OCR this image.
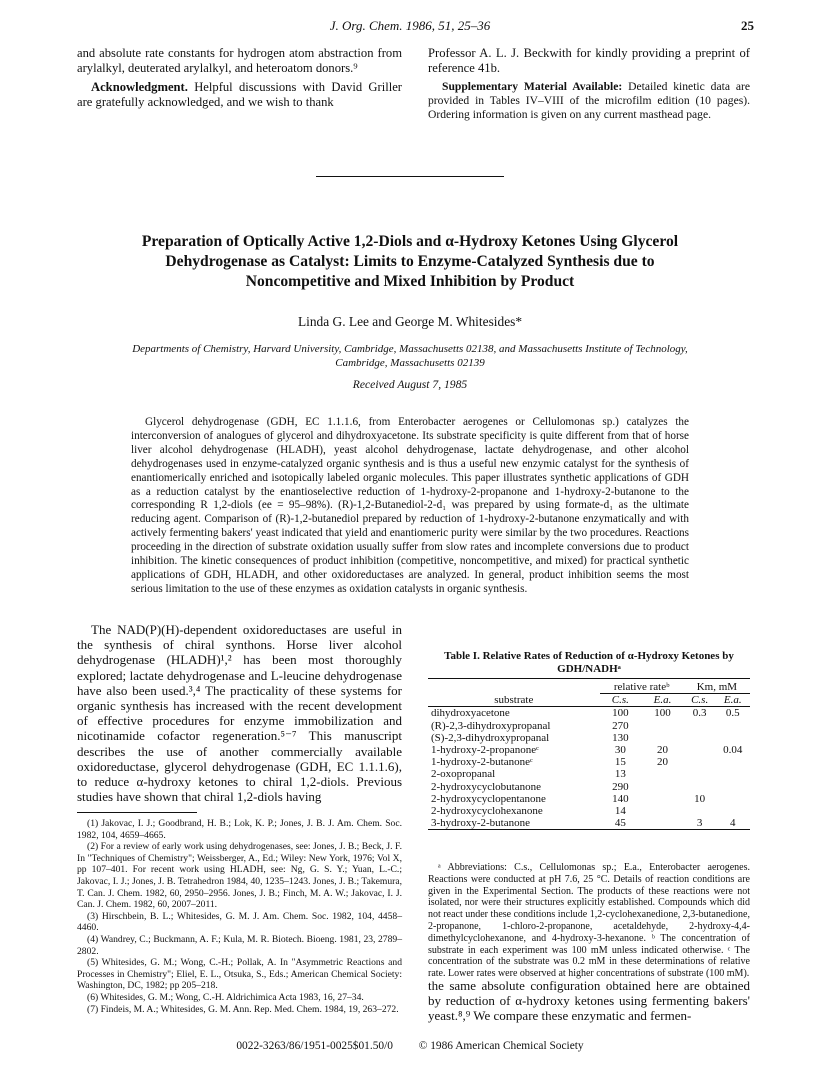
J. Org. Chem. 1986, 51, 25–36	25

and absolute rate constants for hydrogen atom abstraction from arylalkyl, deuterated arylalkyl, and heteroatom donors.⁹

Acknowledgment. Helpful discussions with David Griller are gratefully acknowledged, and we wish to thank

Professor A. L. J. Beckwith for kindly providing a preprint of reference 41b.

Supplementary Material Available: Detailed kinetic data are provided in Tables IV–VIII of the microfilm edition (10 pages). Ordering information is given on any current masthead page.

Preparation of Optically Active 1,2-Diols and α-Hydroxy Ketones Using Glycerol Dehydrogenase as Catalyst: Limits to Enzyme-Catalyzed Synthesis due to Noncompetitive and Mixed Inhibition by Product
Linda G. Lee and George M. Whitesides*
Departments of Chemistry, Harvard University, Cambridge, Massachusetts 02138, and Massachusetts Institute of Technology, Cambridge, Massachusetts 02139
Received August 7, 1985

Glycerol dehydrogenase (GDH, EC 1.1.1.6, from Enterobacter aerogenes or Cellulomonas sp.) catalyzes the interconversion of analogues of glycerol and dihydroxyacetone. Its substrate specificity is quite different from that of horse liver alcohol dehydrogenase (HLADH), yeast alcohol dehydrogenase, lactate dehydrogenase, and other alcohol dehydrogenases used in enzyme-catalyzed organic synthesis and is thus a useful new enzymic catalyst for the synthesis of enantiomerically enriched and isotopically labeled organic molecules. This paper illustrates synthetic applications of GDH as a reduction catalyst by the enantioselective reduction of 1-hydroxy-2-propanone and 1-hydroxy-2-butanone to the corresponding R 1,2-diols (ee = 95–98%). (R)-1,2-Butanediol-2-d₁ was prepared by using formate-d₁ as the ultimate reducing agent. Comparison of (R)-1,2-butanediol prepared by reduction of 1-hydroxy-2-butanone enzymatically and with actively fermenting bakers' yeast indicated that yield and enantiomeric purity were similar by the two procedures. Reactions proceeding in the direction of substrate oxidation usually suffer from slow rates and incomplete conversions due to product inhibition. The kinetic consequences of product inhibition (competitive, noncompetitive, and mixed) for practical synthetic applications of GDH, HLADH, and other oxidoreductases are analyzed. In general, product inhibition seems the most serious limitation to the use of these enzymes as oxidation catalysts in organic synthesis.

The NAD(P)(H)-dependent oxidoreductases are useful in the synthesis of chiral synthons. Horse liver alcohol dehydrogenase (HLADH)¹,² has been most thoroughly explored; lactate dehydrogenase and L-leucine dehydrogenase have also been used.³,⁴ The practicality of these systems for organic synthesis has increased with the recent development of effective procedures for enzyme immobilization and nicotinamide cofactor regeneration.⁵⁻⁷ This manuscript describes the use of another commercially available oxidoreductase, glycerol dehydrogenase (GDH, EC 1.1.1.6), to reduce α-hydroxy ketones to chiral 1,2-diols. Previous studies have shown that chiral 1,2-diols having

(1) Jakovac, I. J.; Goodbrand, H. B.; Lok, K. P.; Jones, J. B. J. Am. Chem. Soc. 1982, 104, 4659–4665.

(2) For a review of early work using dehydrogenases, see: Jones, J. B.; Beck, J. F. In "Techniques of Chemistry"; Weissberger, A., Ed.; Wiley: New York, 1976; Vol X, pp 107–401. For recent work using HLADH, see: Ng, G. S. Y.; Yuan, L.-C.; Jakovac, I. J.; Jones, J. B. Tetrahedron 1984, 40, 1235–1243. Jones, J. B.; Takemura, T. Can. J. Chem. 1982, 60, 2950–2956. Jones, J. B.; Finch, M. A. W.; Jakovac, I. J. Can. J. Chem. 1982, 60, 2007–2011.

(3) Hirschbein, B. L.; Whitesides, G. M. J. Am. Chem. Soc. 1982, 104, 4458–4460.

(4) Wandrey, C.; Buckmann, A. F.; Kula, M. R. Biotech. Bioeng. 1981, 23, 2789–2802.

(5) Whitesides, G. M.; Wong, C.-H.; Pollak, A. In "Asymmetric Reactions and Processes in Chemistry"; Eliel, E. L., Otsuka, S., Eds.; American Chemical Society: Washington, DC, 1982; pp 205–218.

(6) Whitesides, G. M.; Wong, C.-H. Aldrichimica Acta 1983, 16, 27–34.

(7) Findeis, M. A.; Whitesides, G. M. Ann. Rep. Med. Chem. 1984, 19, 263–272.

Table I. Relative Rates of Reduction of α-Hydroxy Ketones by GDH/NADHᵃ

	relative rateᵇ		Km, mM	
substrate	C.s.	E.a.	C.s.	E.a.
dihydroxyacetone	100	100	0.3	0.5
(R)-2,3-dihydroxypropanal	270			
(S)-2,3-dihydroxypropanal	130			
1-hydroxy-2-propanoneᶜ	30	20		0.04
1-hydroxy-2-butanoneᶜ	15	20		
2-oxopropanal	13			
2-hydroxycyclobutanone	290			
2-hydroxycyclopentanone	140		10	
2-hydroxycyclohexanone	14			
3-hydroxy-2-butanone	45		3	4

ᵃ Abbreviations: C.s., Cellulomonas sp.; E.a., Enterobacter aerogenes. Reactions were conducted at pH 7.6, 25 °C. Details of reaction conditions are given in the Experimental Section. The products of these reactions were not isolated, nor were their structures explicitly established. Compounds which did not react under these conditions include 1,2-cyclohexanedione, 2,3-butanedione, 2-propanone, 1-chloro-2-propanone, acetaldehyde, 2-hydroxy-4,4-dimethylcyclohexanone, and 4-hydroxy-3-hexanone. ᵇ The concentration of substrate in each experiment was 100 mM unless indicated otherwise. ᶜ The concentration of the substrate was 0.2 mM in these determinations of relative rate. Lower rates were observed at higher concentrations of substrate (100 mM).

the same absolute configuration obtained here are obtained by reduction of α-hydroxy ketones using fermenting bakers' yeast.⁸,⁹ We compare these enzymatic and fermen-

0022-3263/86/1951-0025$01.50/0 © 1986 American Chemical Society
